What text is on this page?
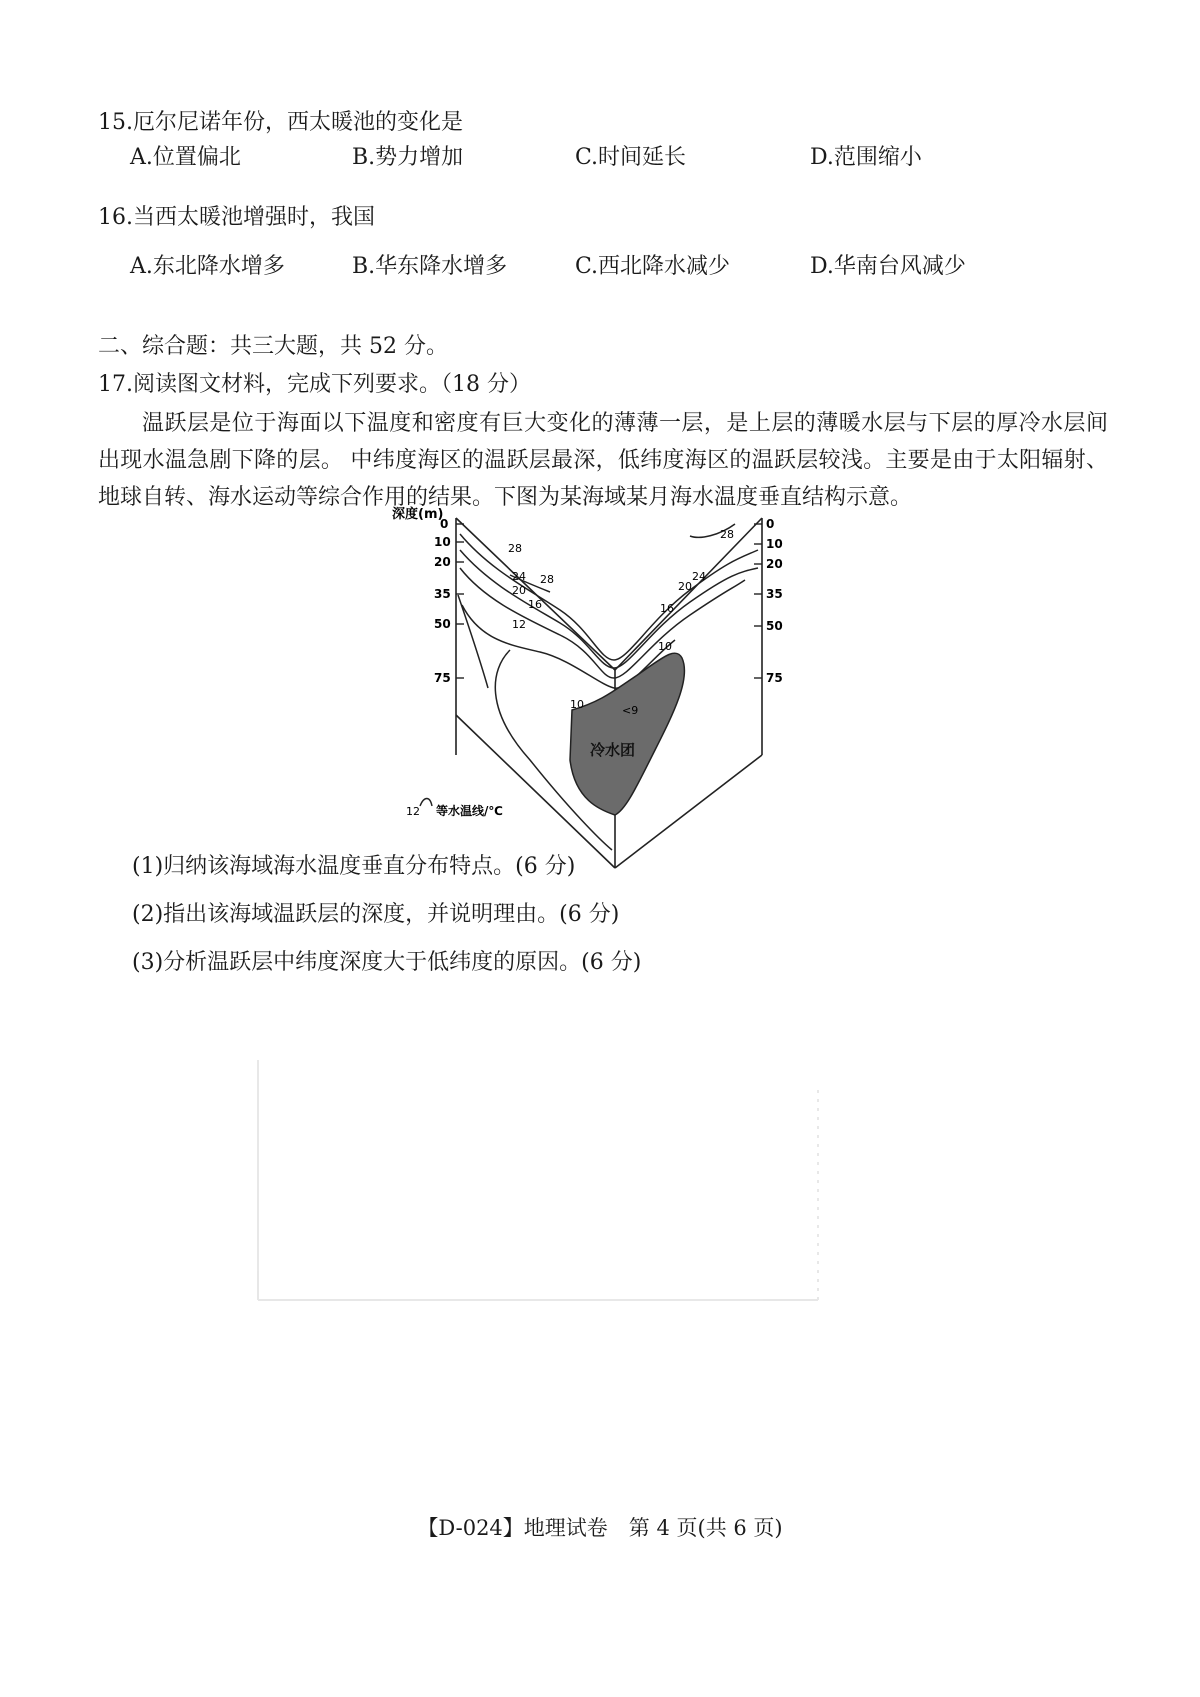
15.厄尔尼诺年份，西太暖池的变化是
A.位置偏北	B.势力增加	C.时间延长	D.范围缩小
16.当西太暖池增强时，我国
A.东北降水增多	B.华东降水增多	C.西北降水减少	D.华南台风减少
二、综合题：共三大题，共 52 分。
17.阅读图文材料，完成下列要求。（18 分）
温跃层是位于海面以下温度和密度有巨大变化的薄薄一层，是上层的薄暖水层与下层的厚冷水层间出现水温急剧下降的层。 中纬度海区的温跃层最深，低纬度海区的温跃层较浅。主要是由于太阳辐射、地球自转、海水运动等综合作用的结果。下图为某海域某月海水温度垂直结构示意。
冷水团
深度(m)
0
10
20
35
50
75
0
10
20
35
50
75
28
28
24
20
16
12
28
24
20
16
10
10	<9
12 等水温线/℃
(1)归纳该海域海水温度垂直分布特点。(6 分)
(2)指出该海域温跃层的深度，并说明理由。(6 分)
(3)分析温跃层中纬度深度大于低纬度的原因。(6 分)
【D-024】地理试卷　第 4 页(共 6 页)
